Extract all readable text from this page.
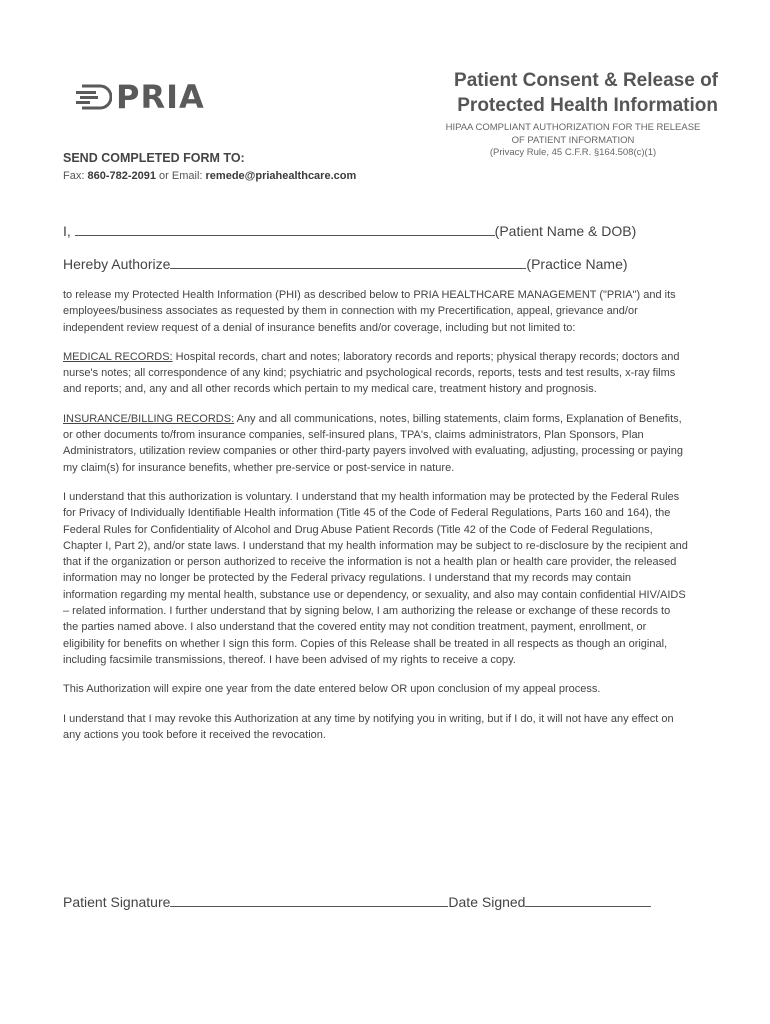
PRIA	Patient Consent & Release of
Protected Health Information
HIPAA COMPLIANT AUTHORIZATION FOR THE RELEASE
OF PATIENT INFORMATION
(Privacy Rule, 45 C.F.R. §164.508(c)(1)
SEND COMPLETED FORM TO:
Fax: 860-782-2091 or Email: remede@priahealthcare.com
I,	(Patient Name & DOB)
Hereby Authorize	(Practice Name)

to release my Protected Health Information (PHI) as described below to PRIA HEALTHCARE MANAGEMENT ("PRIA") and its employees/business associates as requested by them in connection with my Precertification, appeal, grievance and/or independent review request of a denial of insurance benefits and/or coverage, including but not limited to:

MEDICAL RECORDS: Hospital records, chart and notes; laboratory records and reports; physical therapy records; doctors and nurse's notes; all correspondence of any kind; psychiatric and psychological records, reports, tests and test results, x-ray films and reports; and, any and all other records which pertain to my medical care, treatment history and prognosis.

INSURANCE/BILLING RECORDS: Any and all communications, notes, billing statements, claim forms, Explanation of Benefits, or other documents to/from insurance companies, self-insured plans, TPA's, claims administrators, Plan Sponsors, Plan Administrators, utilization review companies or other third-party payers involved with evaluating, adjusting, processing or paying my claim(s) for insurance benefits, whether pre-service or post-service in nature.

I understand that this authorization is voluntary. I understand that my health information may be protected by the Federal Rules for Privacy of Individually Identifiable Health information (Title 45 of the Code of Federal Regulations, Parts 160 and 164), the Federal Rules for Confidentiality of Alcohol and Drug Abuse Patient Records (Title 42 of the Code of Federal Regulations, Chapter I, Part 2), and/or state laws. I understand that my health information may be subject to re-disclosure by the recipient and that if the organization or person authorized to receive the information is not a health plan or health care provider, the released information may no longer be protected by the Federal privacy regulations. I understand that my records may contain information regarding my mental health, substance use or dependency, or sexuality, and also may contain confidential HIV/AIDS – related information. I further understand that by signing below, I am authorizing the release or exchange of these records to the parties named above. I also understand that the covered entity may not condition treatment, payment, enrollment, or eligibility for benefits on whether I sign this form. Copies of this Release shall be treated in all respects as though an original, including facsimile transmissions, thereof. I have been advised of my rights to receive a copy.

This Authorization will expire one year from the date entered below OR upon conclusion of my appeal process.

I understand that I may revoke this Authorization at any time by notifying you in writing, but if I do, it will not have any effect on any actions you took before it received the revocation.

Patient Signature	Date Signed
